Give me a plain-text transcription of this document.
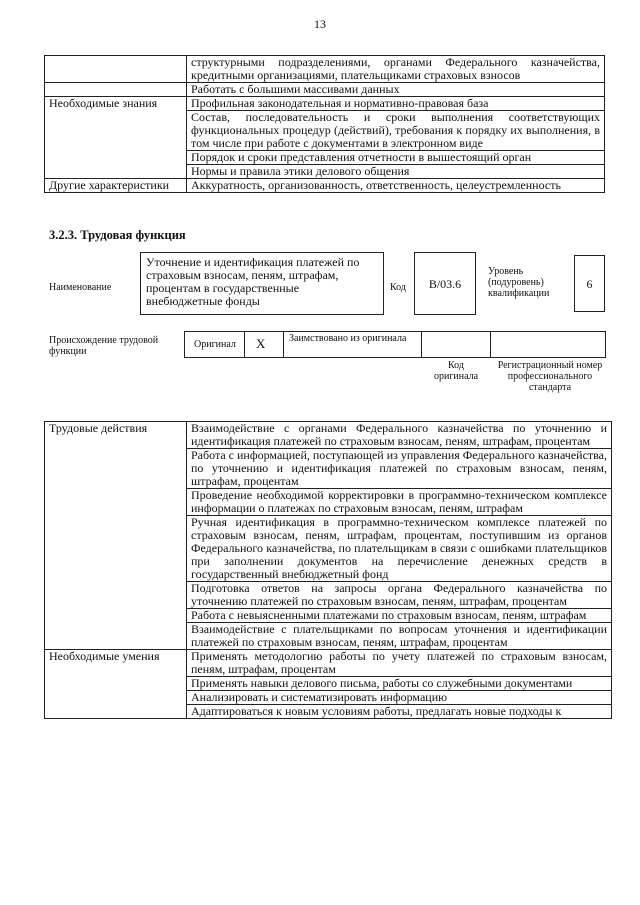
13
	структурными подразделениями, органами Федерального казначейства, кредитными организациями, плательщиками страховых взносов
	Работать с большими массивами данных
Необходимые знания	Профильная законодательная и нормативно-правовая база
	Состав, последовательность и сроки выполнения соответствующих функциональных процедур (действий), требования к порядку их выполнения, в том числе при работе с документами в электронном виде
	Порядок и сроки представления отчетности в вышестоящий орган
	Нормы и правила этики делового общения
Другие характеристики	Аккуратность, организованность, ответственность, целеустремленность
3.2.3. Трудовая функция
Наименование
Уточнение и идентификация платежей по страховым взносам, пеням, штрафам, процентам в государственные внебюджетные фонды
Код	В/03.6
Уровень (подуровень) квалификации
6
Происхождение трудовой функции
Оригинал X Заимствовано из оригинала
Код оригинала
Регистрационный номер профессионального стандарта
Трудовые действия	Взаимодействие с органами Федерального казначейства по уточнению и идентификация платежей по страховым взносам, пеням, штрафам, процентам
	Работа с информацией, поступающей из управления Федерального казначейства, по уточнению и идентификация платежей по страховым взносам, пеням, штрафам, процентам
	Проведение необходимой корректировки в программно-техническом комплексе информации о платежах по страховым взносам, пеням, штрафам
	Ручная идентификация в программно-техническом комплексе платежей по страховым взносам, пеням, штрафам, процентам, поступившим из органов Федерального казначейства, по плательщикам в связи с ошибками плательщиков при заполнении документов на перечисление денежных средств в государственный внебюджетный фонд
	Подготовка ответов на запросы органа Федерального казначейства по уточнению платежей по страховым взносам, пеням, штрафам, процентам
	Работа с невыясненными платежами по страховым взносам, пеням, штрафам
	Взаимодействие с плательщиками по вопросам уточнения и идентификации платежей по страховым взносам, пеням, штрафам, процентам
Необходимые умения	Применять методологию работы по учету платежей по страховым взносам, пеням, штрафам, процентам
	Применять навыки делового письма, работы со служебными документами
	Анализировать и систематизировать информацию
	Адаптироваться к новым условиям работы, предлагать новые подходы к
